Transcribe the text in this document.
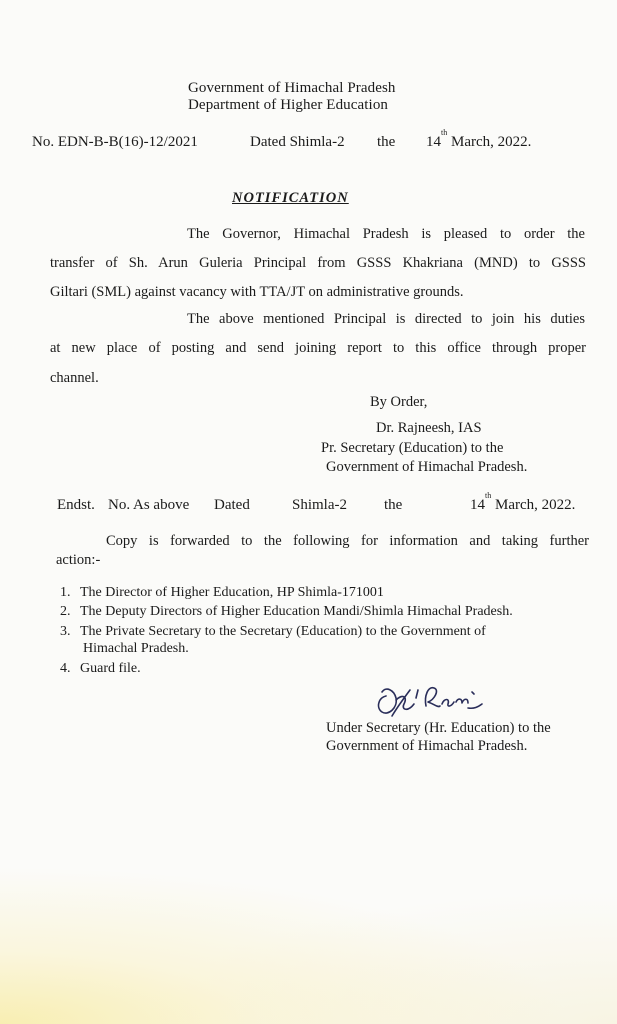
Government of Himachal Pradesh
Department of Higher Education
No. EDN-B-B(16)-12/2021	Dated Shimla-2 the 14th March, 2022.
NOTIFICATION
The Governor, Himachal Pradesh is pleased to order the
transfer of Sh. Arun Guleria Principal from GSSS Khakriana (MND) to GSSS
Giltari (SML) against vacancy with TTA/JT on administrative grounds.
The above mentioned Principal is directed to join his duties
at new place of posting and send joining report to this office through proper
channel.
By Order,
Dr. Rajneesh, IAS
Pr. Secretary (Education) to the
Government of Himachal Pradesh.
Endst. No. As above Dated	Shimla-2 the	14th March, 2022.
Copy is forwarded to the following for information and taking further
action:-
1. The Director of Higher Education, HP Shimla-171001
2. The Deputy Directors of Higher Education Mandi/Shimla Himachal Pradesh.
3. The Private Secretary to the Secretary (Education) to the Government of
Himachal Pradesh.
4. Guard file.
Under Secretary (Hr. Education) to the
Government of Himachal Pradesh.
